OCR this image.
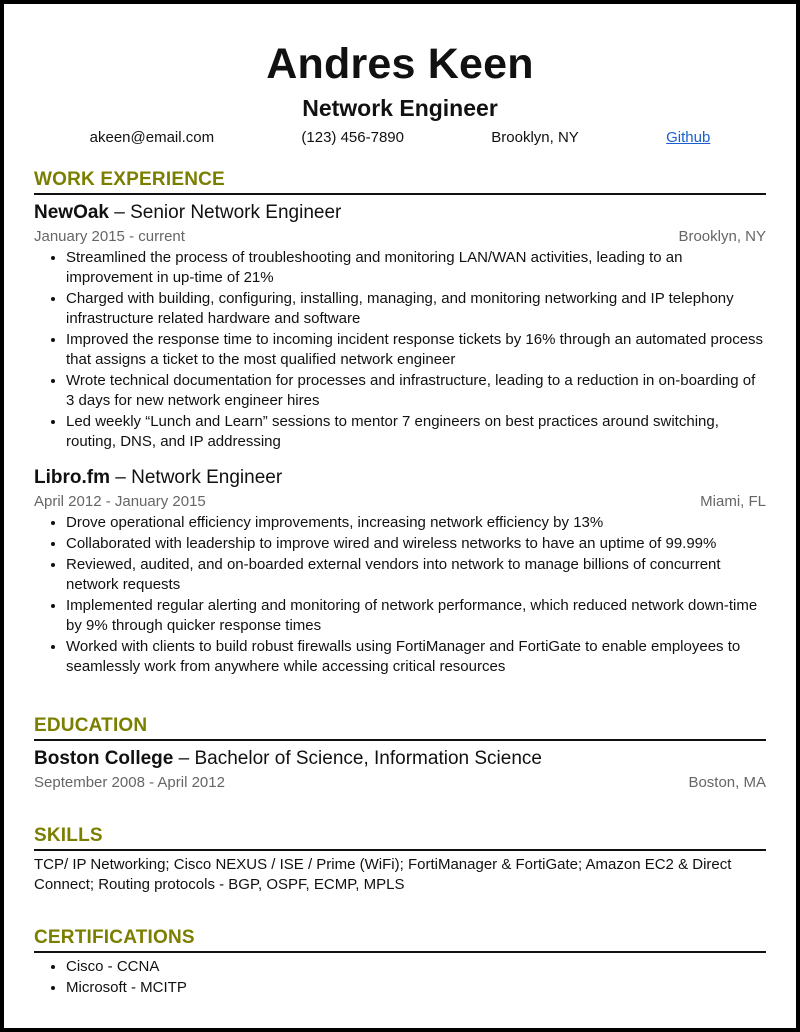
Andres Keen
Network Engineer
akeen@email.com	(123) 456-7890	Brooklyn, NY	Github
WORK EXPERIENCE
NewOak – Senior Network Engineer
January 2015 - current	Brooklyn, NY
• Streamlined the process of troubleshooting and monitoring LAN/WAN activities, leading to an improvement in up-time of 21%
• Charged with building, configuring, installing, managing, and monitoring networking and IP telephony infrastructure related hardware and software
• Improved the response time to incoming incident response tickets by 16% through an automated process that assigns a ticket to the most qualified network engineer
• Wrote technical documentation for processes and infrastructure, leading to a reduction in on-boarding of 3 days for new network engineer hires
• Led weekly “Lunch and Learn” sessions to mentor 7 engineers on best practices around switching, routing, DNS, and IP addressing
Libro.fm – Network Engineer
April 2012 - January 2015	Miami, FL
• Drove operational efficiency improvements, increasing network efficiency by 13%
• Collaborated with leadership to improve wired and wireless networks to have an uptime of 99.99%
• Reviewed, audited, and on-boarded external vendors into network to manage billions of concurrent network requests
• Implemented regular alerting and monitoring of network performance, which reduced network down-time by 9% through quicker response times
• Worked with clients to build robust firewalls using FortiManager and FortiGate to enable employees to seamlessly work from anywhere while accessing critical resources
EDUCATION
Boston College – Bachelor of Science, Information Science
September 2008 - April 2012	Boston, MA
SKILLS
TCP/ IP Networking; Cisco NEXUS / ISE / Prime (WiFi); FortiManager & FortiGate; Amazon EC2 & Direct Connect; Routing protocols - BGP, OSPF, ECMP, MPLS
CERTIFICATIONS
• Cisco - CCNA
• Microsoft - MCITP
